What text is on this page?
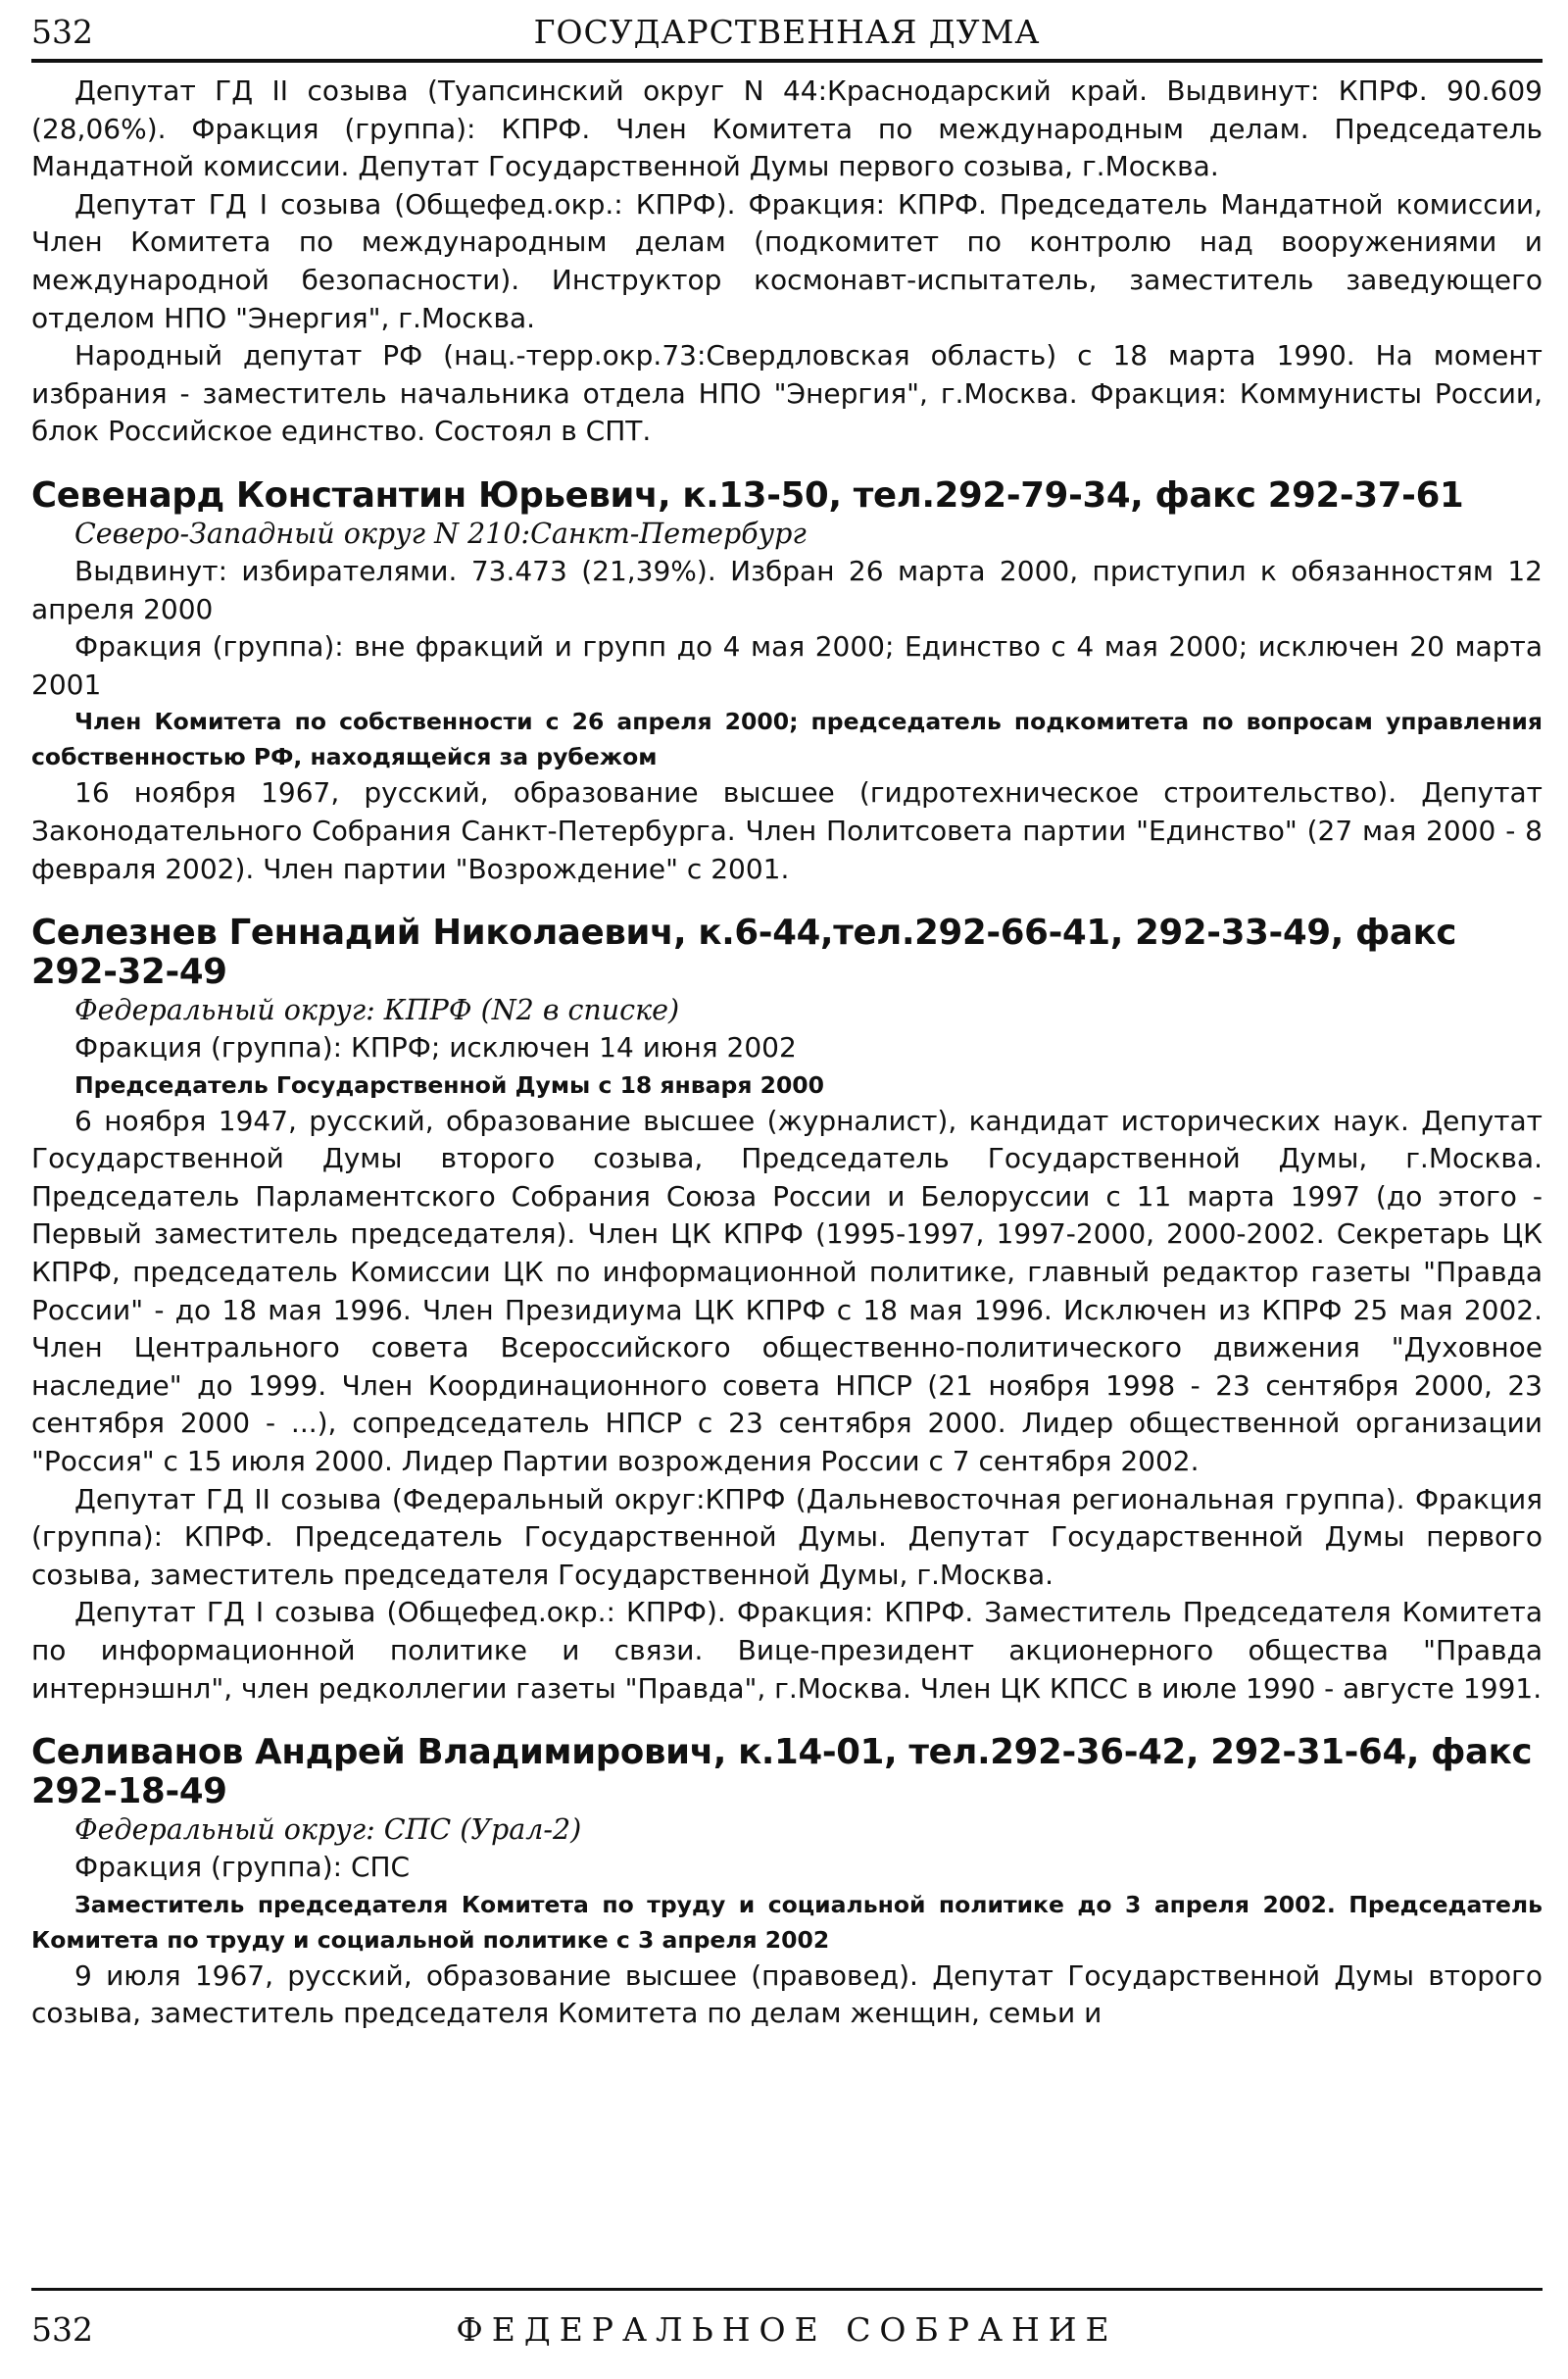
532	ГОСУДАРСТВЕННАЯ ДУМА

Депутат ГД II созыва (Туапсинский округ N 44:Краснодарский край. Выдвинут: КПРФ. 90.609 (28,06%). Фракция (группа): КПРФ. Член Комитета по международным делам. Председатель Мандатной комиссии. Депутат Государственной Думы первого созыва, г.Москва.

Депутат ГД I созыва (Общефед.окр.: КПРФ). Фракция: КПРФ. Председатель Мандатной комиссии, Член Комитета по международным делам (подкомитет по контролю над вооружениями и международной безопасности). Инструктор космонавт-испытатель, заместитель заведующего отделом НПО "Энергия", г.Москва.

Народный депутат РФ (нац.-терр.окр.73:Свердловская область) с 18 марта 1990. На момент избрания - заместитель начальника отдела НПО "Энергия", г.Москва. Фракция: Коммунисты России, блок Российское единство. Состоял в СПТ.

Севенард Константин Юрьевич, к.13-50, тел.292-79-34, факс 292-37-61

Северо-Западный округ N 210:Санкт-Петербург

Выдвинут: избирателями. 73.473 (21,39%). Избран 26 марта 2000, приступил к обязанностям 12 апреля 2000

Фракция (группа): вне фракций и групп до 4 мая 2000; Единство с 4 мая 2000; исключен 20 марта 2001

Член Комитета по собственности с 26 апреля 2000; председатель подкомитета по вопросам управления собственностью РФ, находящейся за рубежом

16 ноября 1967, русский, образование высшее (гидротехническое строительство). Депутат Законодательного Собрания Санкт-Петербурга. Член Политсовета партии "Единство" (27 мая 2000 - 8 февраля 2002). Член партии "Возрождение" с 2001.

Селезнев Геннадий Николаевич, к.6-44,тел.292-66-41, 292-33-49, факс 292-32-49

Федеральный округ: КПРФ (N2 в списке)

Фракция (группа): КПРФ; исключен 14 июня 2002

Председатель Государственной Думы с 18 января 2000

6 ноября 1947, русский, образование высшее (журналист), кандидат исторических наук. Депутат Государственной Думы второго созыва, Председатель Государственной Думы, г.Москва. Председатель Парламентского Собрания Союза России и Белоруссии с 11 марта 1997 (до этого - Первый заместитель председателя). Член ЦК КПРФ (1995-1997, 1997-2000, 2000-2002. Секретарь ЦК КПРФ, председатель Комиссии ЦК по информационной политике, главный редактор газеты "Правда России" - до 18 мая 1996. Член Президиума ЦК КПРФ с 18 мая 1996. Исключен из КПРФ 25 мая 2002. Член Центрального совета Всероссийского общественно-политического движения "Духовное наследие" до 1999. Член Координационного совета НПСР (21 ноября 1998 - 23 сентября 2000, 23 сентября 2000 - ...), сопредседатель НПСР с 23 сентября 2000. Лидер общественной организации "Россия" с 15 июля 2000. Лидер Партии возрождения России с 7 сентября 2002.

Депутат ГД II созыва (Федеральный округ:КПРФ (Дальневосточная региональная группа). Фракция (группа): КПРФ. Председатель Государственной Думы. Депутат Государственной Думы первого созыва, заместитель председателя Государственной Думы, г.Москва.

Депутат ГД I созыва (Общефед.окр.: КПРФ). Фракция: КПРФ. Заместитель Председателя Комитета по информационной политике и связи. Вице-президент акционерного общества "Правда интернэшнл", член редколлегии газеты "Правда", г.Москва. Член ЦК КПСС в июле 1990 - августе 1991.

Селиванов Андрей Владимирович, к.14-01, тел.292-36-42, 292-31-64, факс 292-18-49

Федеральный округ: СПС (Урал-2)

Фракция (группа): СПС

Заместитель председателя Комитета по труду и социальной политике до 3 апреля 2002. Председатель Комитета по труду и социальной политике с 3 апреля 2002

9 июля 1967, русский, образование высшее (правовед). Депутат Государственной Думы второго созыва, заместитель председателя Комитета по делам женщин, семьи и

532	ФЕДЕРАЛЬНОЕ СОБРАНИЕ
